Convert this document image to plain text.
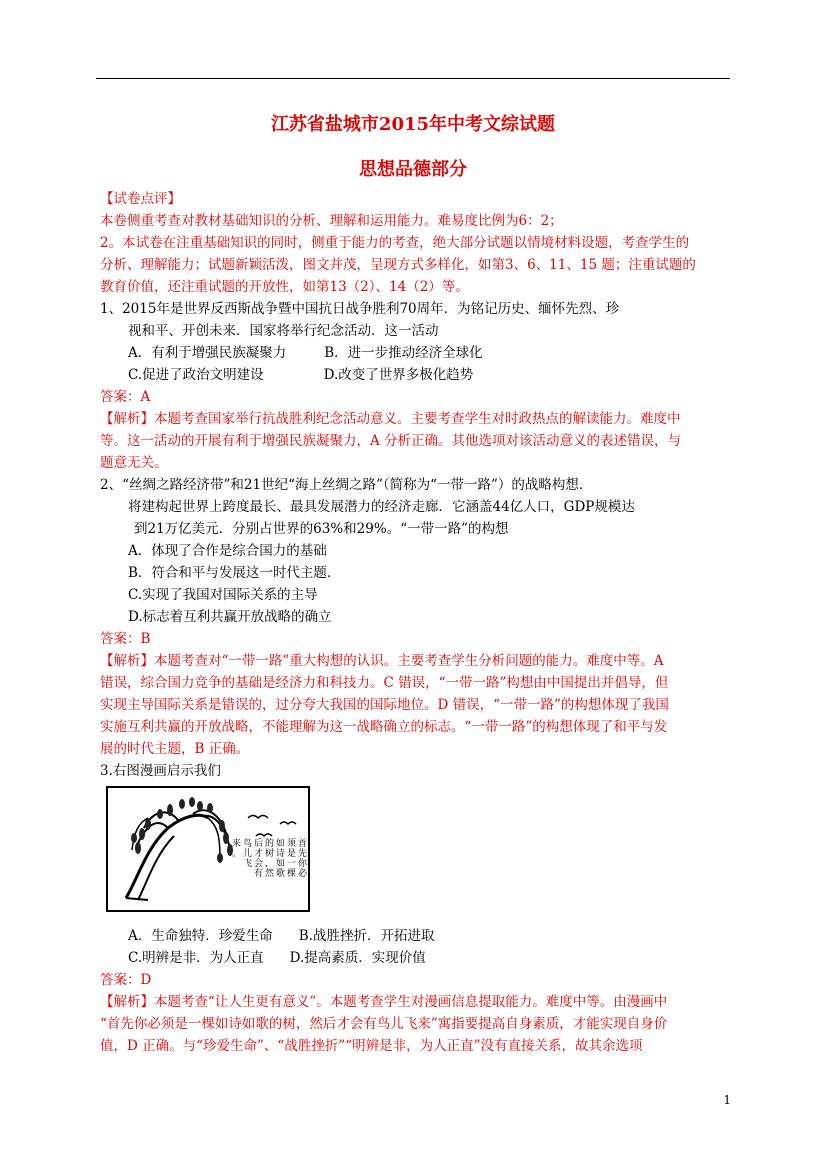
江苏省盐城市2015年中考文综试题
思想品德部分
【试卷点评】
本卷侧重考查对教材基础知识的分析、理解和运用能力。难易度比例为6：2；
2。本试卷在注重基础知识的同时，侧重于能力的考查，绝大部分试题以情境材料设题，考查学生的
分析、理解能力；试题新颖活泼，图文并茂，呈现方式多样化，如第3、6、11、15 题；注重试题的
教育价值，还注重试题的开放性，如第13（2）、14（2）等。
1、2015年是世界反西斯战争暨中国抗日战争胜利70周年．为铭记历史、缅怀先烈、珍
视和平、开创未来．国家将举行纪念活动．这一活动
A．有利于增强民族凝聚力	B．进一步推动经济全球化
C.促进了政治文明建设	D.改变了世界多极化趋势
答案：A
【解析】本题考查国家举行抗战胜利纪念活动意义。主要考查学生对时政热点的解读能力。难度中
等。这一活动的开展有利于增强民族凝聚力，A 分析正确。其他选项对该活动意义的表述错误，与
题意无关。
2、“丝绸之路经济带”和21世纪“海上丝绸之路”（简称为“一带一路”）的战略构想．
将建构起世界上跨度最长、最具发展潜力的经济走廊．它涵盖44亿人口，GDP规模达
到21万亿美元．分别占世界的63%和29%。“一带一路”的构想
A．体现了合作是综合国力的基础
B．符合和平与发展这一时代主题．
C.实现了我国对国际关系的主导
D.标志着互利共赢开放战略的确立
答案：B
【解析】本题考查对“一带一路”重大构想的认识。主要考查学生分析问题的能力。难度中等。A
错误，综合国力竞争的基础是经济力和科技力。C 错误，“一带一路”构想由中国提出并倡导，但
实现主导国际关系是错误的，过分夸大我国的国际地位。D 错误，“一带一路”的构想体现了我国
实施互利共赢的开放战略，不能理解为这一战略确立的标志。“一带一路”的构想体现了和平与发
展的时代主题，B 正确。
3.右图漫画启示我们
首先你必
须是一棵
如诗如歌
的树，然
后才会有
鸟儿飞
来。
A．生命独特．珍爱生命 B.战胜挫折．开拓进取
C.明辨是非．为人正直 D.提高素质．实现价值
答案：D
【解析】本题考查“让人生更有意义”。本题考查学生对漫画信息提取能力。难度中等。由漫画中
“首先你必须是一棵如诗如歌的树，然后才会有鸟儿飞来”寓指要提高自身素质，才能实现自身价
值，D 正确。与“珍爱生命”、“战胜挫折”“明辨是非，为人正直”没有直接关系，故其余选项
1
